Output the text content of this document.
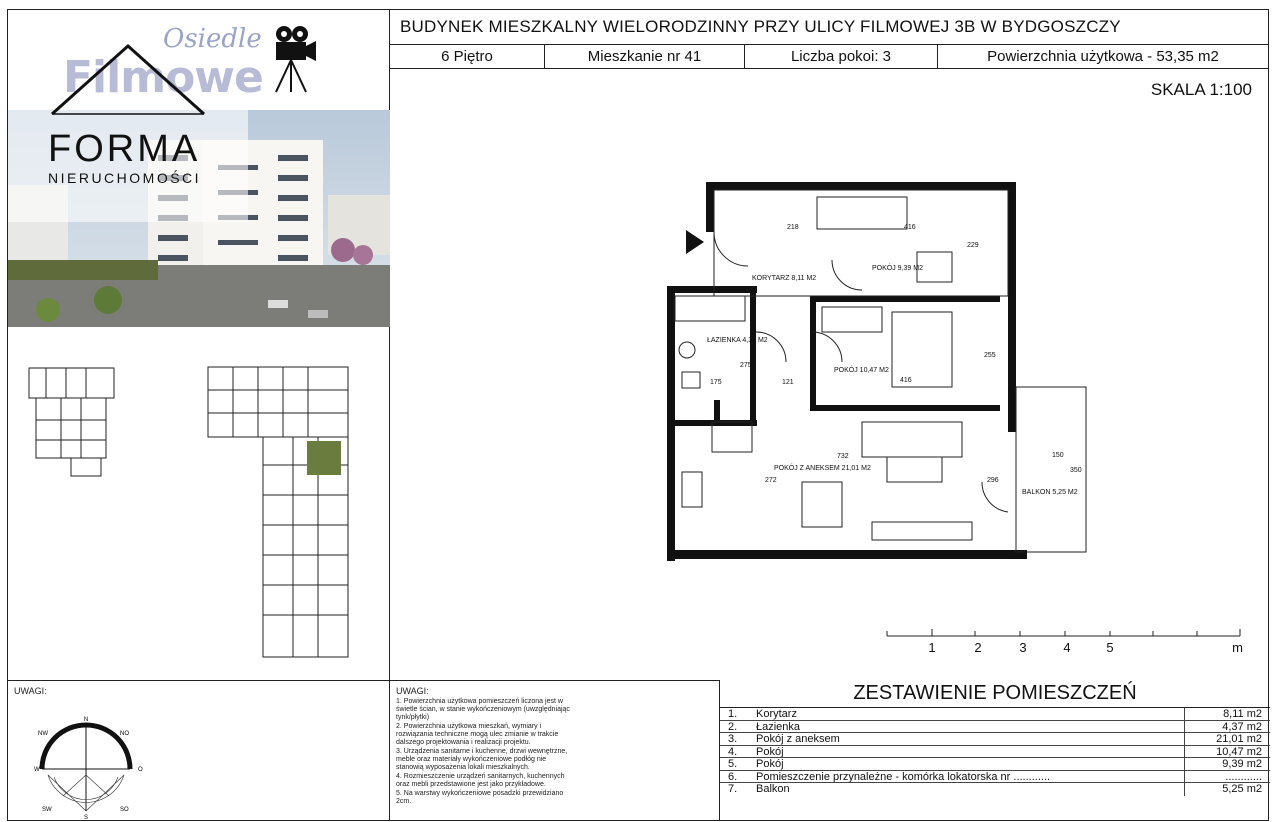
Osiedle
Filmowe
FORMA
NIERUCHOMOŚCI
UWAGI:
N
NO
O
SO
S
SW
W
NW
UWAGI:
1. Powierzchnia użytkowa pomieszczeń liczona jest w świetle ścian, w stanie wykończeniowym (uwzględniając tynk/płytki)
2. Powierzchnia użytkowa mieszkań, wymiary i rozwiązania techniczne mogą ulec zmianie w trakcie dalszego projektowania i realizacji projektu.
3. Urządzenia sanitarne i kuchenne, drzwi wewnętrzne, meble oraz materiały wykończeniowe podłóg nie stanowią wyposażenia lokali mieszkalnych.
4. Rozmieszczenie urządzeń sanitarnych, kuchennych oraz mebli przedstawione jest jako przykładowe.
5. Na warstwy wykończeniowe posadzki przewidziano 2cm.
BUDYNEK MIESZKALNY WIELORODZINNY PRZY ULICY FILMOWEJ 3B W BYDGOSZCZY
6 Piętro	Mieszkanie nr 41	Liczba pokoi: 3	Powierzchnia użytkowa - 53,35 m2
SKALA 1:100
ZESTAWIENIE POMIESZCZEŃ
1.	Korytarz	8,11 m2
2.	Łazienka	4,37 m2
3.	Pokój z aneksem	21,01 m2
4.	Pokój	10,47 m2
5.	Pokój	9,39 m2
6.	Pomieszczenie przynależne - komórka lokatorska nr ............	............
7.	Balkon	5,25 m2
KORYTARZ 8,11 M2
POKÓJ 9,39 M2
ŁAZIENKA 4,37 M2
POKÓJ 10,47 M2
POKÓJ Z ANEKSEM 21,01 M2
BALKON 5,25 M2
218	416
229
275
175	121	416
255
732
272	296
150
350
1	2	3	4	5	m
